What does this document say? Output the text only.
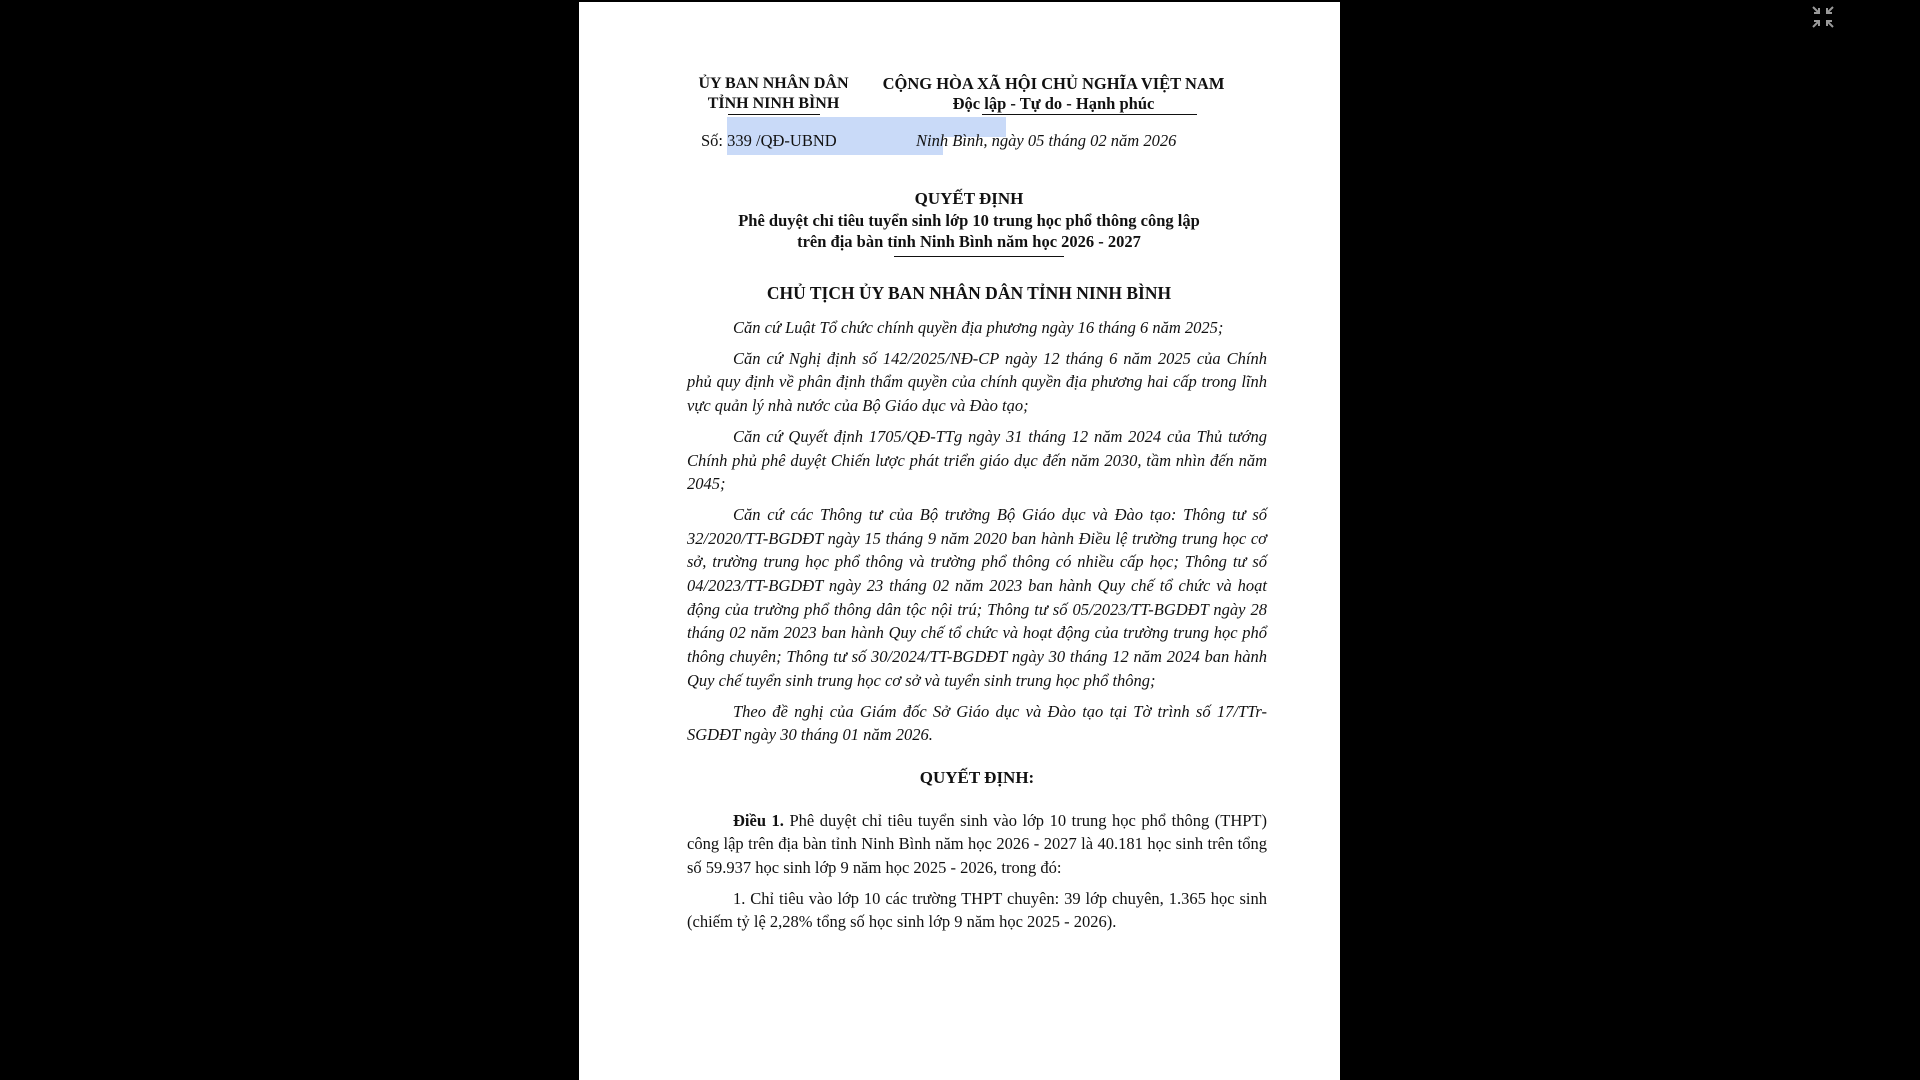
ỦY BAN NHÂN DÂN
TỈNH NINH BÌNH
CỘNG HÒA XÃ HỘI CHỦ NGHĨA VIỆT NAM
Độc lập - Tự do - Hạnh phúc
Số: 339 /QĐ-UBND	Ninh Bình, ngày 05 tháng 02 năm 2026
QUYẾT ĐỊNH
Phê duyệt chỉ tiêu tuyển sinh lớp 10 trung học phổ thông công lập
trên địa bàn tỉnh Ninh Bình năm học 2026 - 2027
CHỦ TỊCH ỦY BAN NHÂN DÂN TỈNH NINH BÌNH

Căn cứ Luật Tổ chức chính quyền địa phương ngày 16 tháng 6 năm 2025;

Căn cứ Nghị định số 142/2025/NĐ-CP ngày 12 tháng 6 năm 2025 của Chính phủ quy định về phân định thẩm quyền của chính quyền địa phương hai cấp trong lĩnh vực quản lý nhà nước của Bộ Giáo dục và Đào tạo;

Căn cứ Quyết định 1705/QĐ-TTg ngày 31 tháng 12 năm 2024 của Thủ tướng Chính phủ phê duyệt Chiến lược phát triển giáo dục đến năm 2030, tầm nhìn đến năm 2045;

Căn cứ các Thông tư của Bộ trưởng Bộ Giáo dục và Đào tạo: Thông tư số 32/2020/TT-BGDĐT ngày 15 tháng 9 năm 2020 ban hành Điều lệ trường trung học cơ sở, trường trung học phổ thông và trường phổ thông có nhiều cấp học; Thông tư số 04/2023/TT-BGDĐT ngày 23 tháng 02 năm 2023 ban hành Quy chế tổ chức và hoạt động của trường phổ thông dân tộc nội trú; Thông tư số 05/2023/TT-BGDĐT ngày 28 tháng 02 năm 2023 ban hành Quy chế tổ chức và hoạt động của trường trung học phổ thông chuyên; Thông tư số 30/2024/TT-BGDĐT ngày 30 tháng 12 năm 2024 ban hành Quy chế tuyển sinh trung học cơ sở và tuyển sinh trung học phổ thông;

Theo đề nghị của Giám đốc Sở Giáo dục và Đào tạo tại Tờ trình số 17/TTr-SGDĐT ngày 30 tháng 01 năm 2026.

QUYẾT ĐỊNH:

Điều 1. Phê duyệt chỉ tiêu tuyển sinh vào lớp 10 trung học phổ thông (THPT) công lập trên địa bàn tỉnh Ninh Bình năm học 2026 - 2027 là 40.181 học sinh trên tổng số 59.937 học sinh lớp 9 năm học 2025 - 2026, trong đó:

1. Chỉ tiêu vào lớp 10 các trường THPT chuyên: 39 lớp chuyên, 1.365 học sinh (chiếm tỷ lệ 2,28% tổng số học sinh lớp 9 năm học 2025 - 2026).
